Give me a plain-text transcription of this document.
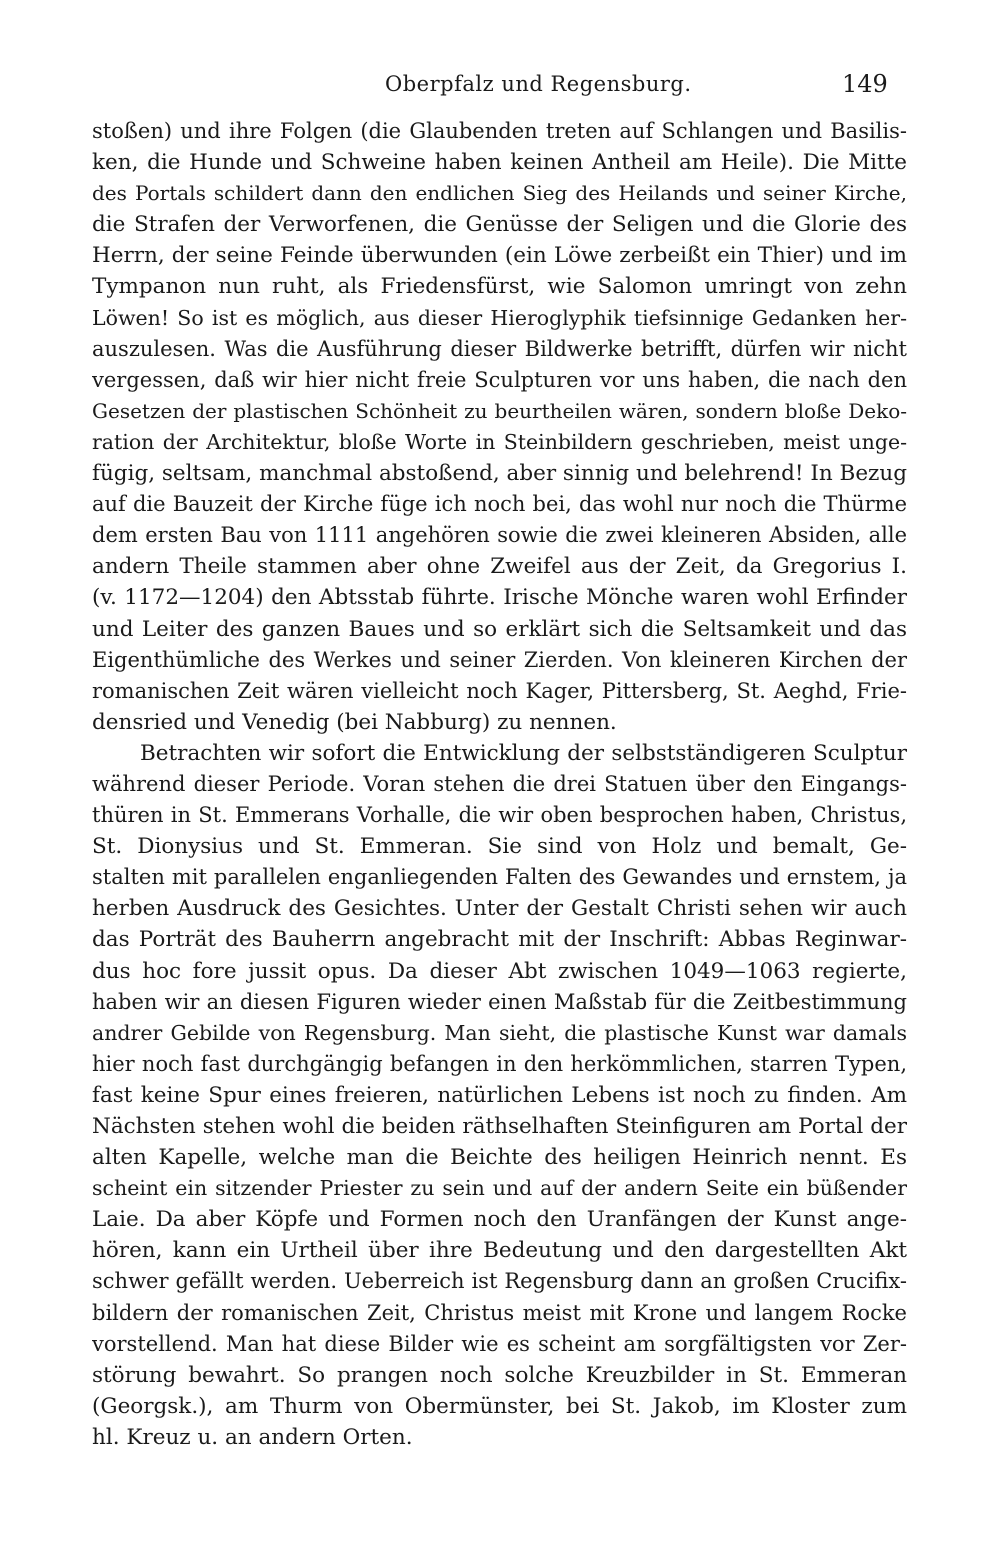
Oberpfalz und Regensburg.	149
stoßen) und ihre Folgen (die Glaubenden treten auf Schlangen und Basilis-
ken, die Hunde und Schweine haben keinen Antheil am Heile). Die Mitte
des Portals schildert dann den endlichen Sieg des Heilands und seiner Kirche,
die Strafen der Verworfenen, die Genüsse der Seligen und die Glorie des
Herrn, der seine Feinde überwunden (ein Löwe zerbeißt ein Thier) und im
Tympanon nun ruht, als Friedensfürst, wie Salomon umringt von zehn
Löwen! So ist es möglich, aus dieser Hieroglyphik tiefsinnige Gedanken her-
auszulesen. Was die Ausführung dieser Bildwerke betrifft, dürfen wir nicht
vergessen, daß wir hier nicht freie Sculpturen vor uns haben, die nach den
Gesetzen der plastischen Schönheit zu beurtheilen wären, sondern bloße Deko-
ration der Architektur, bloße Worte in Steinbildern geschrieben, meist unge-
fügig, seltsam, manchmal abstoßend, aber sinnig und belehrend! In Bezug
auf die Bauzeit der Kirche füge ich noch bei, das wohl nur noch die Thürme
dem ersten Bau von 1111 angehören sowie die zwei kleineren Absiden, alle
andern Theile stammen aber ohne Zweifel aus der Zeit, da Gregorius I.
(v. 1172—1204) den Abtsstab führte. Irische Mönche waren wohl Erfinder
und Leiter des ganzen Baues und so erklärt sich die Seltsamkeit und das
Eigenthümliche des Werkes und seiner Zierden. Von kleineren Kirchen der
romanischen Zeit wären vielleicht noch Kager, Pittersberg, St. Aeghd, Frie-
densried und Venedig (bei Nabburg) zu nennen.
Betrachten wir sofort die Entwicklung der selbstständigeren Sculptur
während dieser Periode. Voran stehen die drei Statuen über den Eingangs-
thüren in St. Emmerans Vorhalle, die wir oben besprochen haben, Christus,
St. Dionysius und St. Emmeran. Sie sind von Holz und bemalt, Ge-
stalten mit parallelen enganliegenden Falten des Gewandes und ernstem, ja
herben Ausdruck des Gesichtes. Unter der Gestalt Christi sehen wir auch
das Porträt des Bauherrn angebracht mit der Inschrift: Abbas Reginwar-
dus hoc fore jussit opus. Da dieser Abt zwischen 1049—1063 regierte,
haben wir an diesen Figuren wieder einen Maßstab für die Zeitbestimmung
andrer Gebilde von Regensburg. Man sieht, die plastische Kunst war damals
hier noch fast durchgängig befangen in den herkömmlichen, starren Typen,
fast keine Spur eines freieren, natürlichen Lebens ist noch zu finden. Am
Nächsten stehen wohl die beiden räthselhaften Steinfiguren am Portal der
alten Kapelle, welche man die Beichte des heiligen Heinrich nennt. Es
scheint ein sitzender Priester zu sein und auf der andern Seite ein büßender
Laie. Da aber Köpfe und Formen noch den Uranfängen der Kunst ange-
hören, kann ein Urtheil über ihre Bedeutung und den dargestellten Akt
schwer gefällt werden. Ueberreich ist Regensburg dann an großen Crucifix-
bildern der romanischen Zeit, Christus meist mit Krone und langem Rocke
vorstellend. Man hat diese Bilder wie es scheint am sorgfältigsten vor Zer-
störung bewahrt. So prangen noch solche Kreuzbilder in St. Emmeran
(Georgsk.), am Thurm von Obermünster, bei St. Jakob, im Kloster zum
hl. Kreuz u. an andern Orten.
